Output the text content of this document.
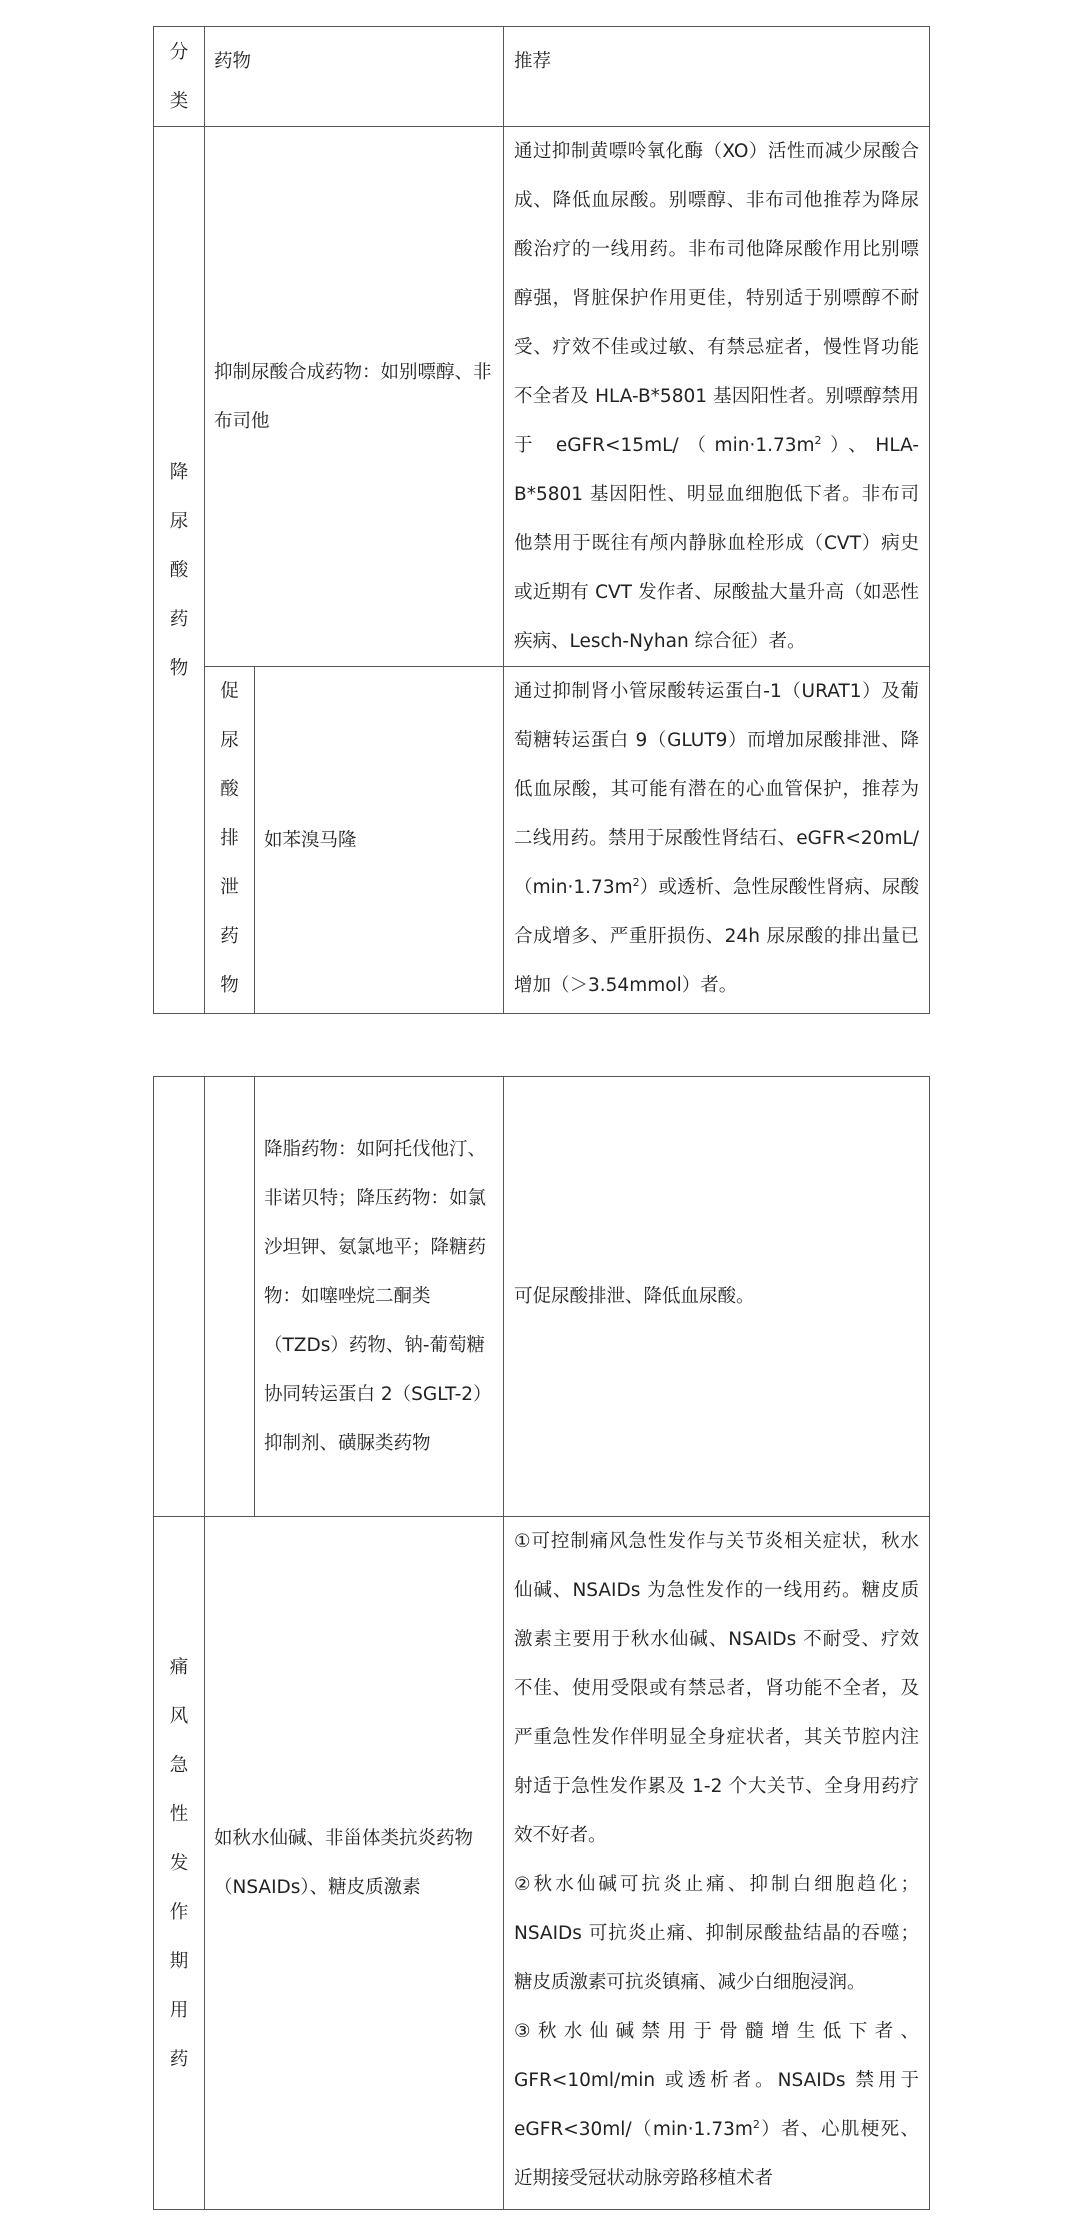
分类	药物		推荐

降尿酸药物	抑制尿酸合成药物：如别嘌醇、非布司他		通过抑制黄嘌呤氧化酶（XO）活性而减少尿酸合成、降低血尿酸。别嘌醇、非布司他推荐为降尿酸治疗的一线用药。非布司他降尿酸作用比别嘌醇强，肾脏保护作用更佳，特别适于别嘌醇不耐受、疗效不佳或过敏、有禁忌症者，慢性肾功能不全者及 HLA-B*5801 基因阳性者。别嘌醇禁用于 $eGFR<15mL/(\min\cdot 1.73m^2)$、HLA-B*5801 基因阳性、明显血细胞低下者。非布司他禁用于既往有颅内静脉血栓形成（CVT）病史或近期有 CVT 发作者、尿酸盐大量升高（如恶性疾病、Lesch-Nyhan 综合征）者。

	促尿酸排泄药物	如苯溴马隆	通过抑制肾小管尿酸转运蛋白-1（URAT1）及葡萄糖转运蛋白 9（GLUT9）而增加尿酸排泄、降低血尿酸，其可能有潜在的心血管保护，推荐为二线用药。禁用于尿酸性肾结石、$eGFR<20mL/(\min\cdot 1.73m^2)$或透析、急性尿酸性肾病、尿酸合成增多、严重肝损伤、24h 尿尿酸的排出量已增加（＞3.54mmol）者。
		降脂药物：如阿托伐他汀、非诺贝特；降压药物：如氯沙坦钾、氨氯地平；降糖药物：如噻唑烷二酮类（TZDs）药物、钠-葡萄糖协同转运蛋白 2（SGLT-2）抑制剂、磺脲类药物	可促尿酸排泄、降低血尿酸。

痛风急性发作期用药	如秋水仙碱、非甾体类抗炎药物（NSAIDs）、糖皮质激素		①可控制痛风急性发作与关节炎相关症状，秋水仙碱、NSAIDs 为急性发作的一线用药。糖皮质激素主要用于秋水仙碱、NSAIDs 不耐受、疗效不佳、使用受限或有禁忌者，肾功能不全者，及严重急性发作伴明显全身症状者，其关节腔内注射适于急性发作累及 1-2 个大关节、全身用药疗效不好者。

②秋水仙碱可抗炎止痛、抑制白细胞趋化；NSAIDs 可抗炎止痛、抑制尿酸盐结晶的吞噬；糖皮质激素可抗炎镇痛、减少白细胞浸润。

③秋水仙碱禁用于骨髓增生低下者、GFR<10ml/min 或透析者。NSAIDs 禁用于 $eGFR<30ml/(\min\cdot 1.73m^2)$者、心肌梗死、近期接受冠状动脉旁路移植术者
